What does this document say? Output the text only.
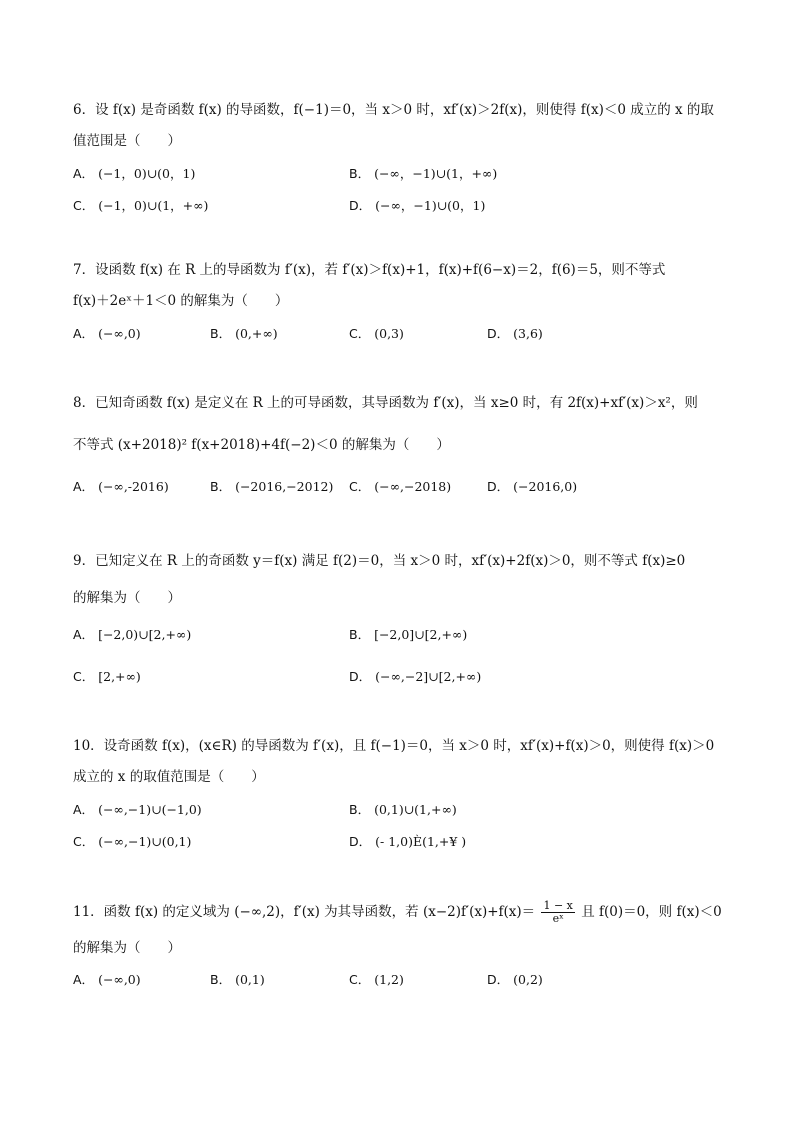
6．设 f(x) 是奇函数 f(x) 的导函数，f(−1)＝0，当 x＞0 时，xf′(x)＞2f(x)，则使得 f(x)＜0 成立的 x 的取
值范围是（　　）
A． (−1，0)∪(0，1)	B． (−∞，−1)∪(1，+∞)
C． (−1，0)∪(1，+∞)	D． (−∞，−1)∪(0，1)
7．设函数 f(x) 在 R 上的导函数为 f′(x)，若 f′(x)＞f(x)+1，f(x)+f(6−x)＝2，f(6)＝5，则不等式
f(x)＋2eˣ＋1＜0 的解集为（　　）
A． (−∞,0)	B． (0,+∞)	C． (0,3)	D． (3,6)
8．已知奇函数 f(x) 是定义在 R 上的可导函数，其导函数为 f′(x)，当 x≥0 时，有 2f(x)+xf′(x)＞x²，则
不等式 (x+2018)² f(x+2018)+4f(−2)＜0 的解集为（　　）
A． (−∞,-2016)	B． (−2016,−2012) C． (−∞,−2018)	D． (−2016,0)
9．已知定义在 R 上的奇函数 y＝f(x) 满足 f(2)＝0，当 x＞0 时，xf′(x)+2f(x)＞0，则不等式 f(x)≥0
的解集为（　　）
A． [−2,0)∪[2,+∞)	B． [−2,0]∪[2,+∞)
C． [2,+∞)	D． (−∞,−2]∪[2,+∞)
10．设奇函数 f(x)，(x∈R) 的导函数为 f′(x)，且 f(−1)＝0，当 x＞0 时，xf′(x)+f(x)＞0，则使得 f(x)＞0
成立的 x 的取值范围是（　　）
A． (−∞,−1)∪(−1,0)	B． (0,1)∪(1,+∞)
C． (−∞,−1)∪(0,1)	D． (- 1,0)È(1,+¥ )
11．函数 f(x) 的定义域为 (−∞,2)，f′(x) 为其导函数，若 $(x-2)f'(x)+f(x)= \frac{1 - x}{\text{eˣ}}$ 且 f(0)＝0，则 f(x)＜0
的解集为（　　）
A． (−∞,0)	B． (0,1)	C． (1,2)	D． (0,2)
